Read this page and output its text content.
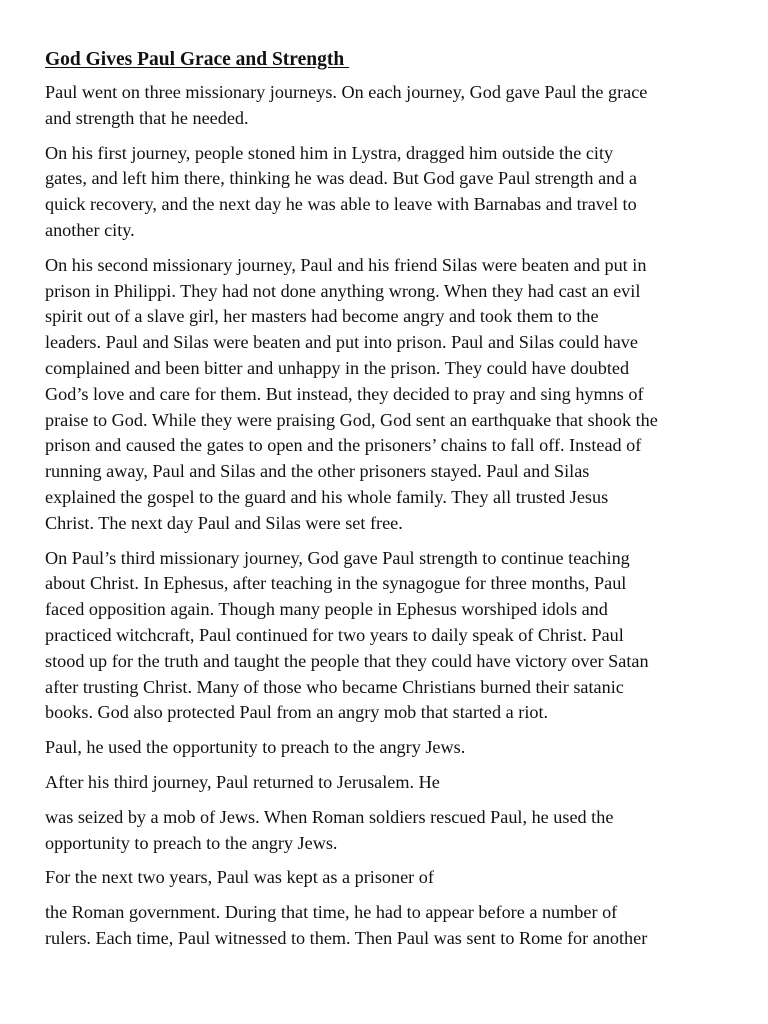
God Gives Paul Grace and Strength

Paul went on three missionary journeys. On each journey, God gave Paul the grace
and strength that he needed.

On his first journey, people stoned him in Lystra, dragged him outside the city
gates, and left him there, thinking he was dead. But God gave Paul strength and a
quick recovery, and the next day he was able to leave with Barnabas and travel to
another city.

On his second missionary journey, Paul and his friend Silas were beaten and put in
prison in Philippi. They had not done anything wrong. When they had cast an evil
spirit out of a slave girl, her masters had become angry and took them to the
leaders. Paul and Silas were beaten and put into prison. Paul and Silas could have
complained and been bitter and unhappy in the prison. They could have doubted
God’s love and care for them. But instead, they decided to pray and sing hymns of
praise to God. While they were praising God, God sent an earthquake that shook the
prison and caused the gates to open and the prisoners’ chains to fall off. Instead of
running away, Paul and Silas and the other prisoners stayed. Paul and Silas
explained the gospel to the guard and his whole family. They all trusted Jesus
Christ. The next day Paul and Silas were set free.

On Paul’s third missionary journey, God gave Paul strength to continue teaching
about Christ. In Ephesus, after teaching in the synagogue for three months, Paul
faced opposition again. Though many people in Ephesus worshiped idols and
practiced witchcraft, Paul continued for two years to daily speak of Christ. Paul
stood up for the truth and taught the people that they could have victory over Satan
after trusting Christ. Many of those who became Christians burned their satanic
books. God also protected Paul from an angry mob that started a riot.

Paul, he used the opportunity to preach to the angry Jews.

After his third journey, Paul returned to Jerusalem. He

was seized by a mob of Jews. When Roman soldiers rescued Paul, he used the
opportunity to preach to the angry Jews.

For the next two years, Paul was kept as a prisoner of

the Roman government. During that time, he had to appear before a number of
rulers. Each time, Paul witnessed to them. Then Paul was sent to Rome for another
